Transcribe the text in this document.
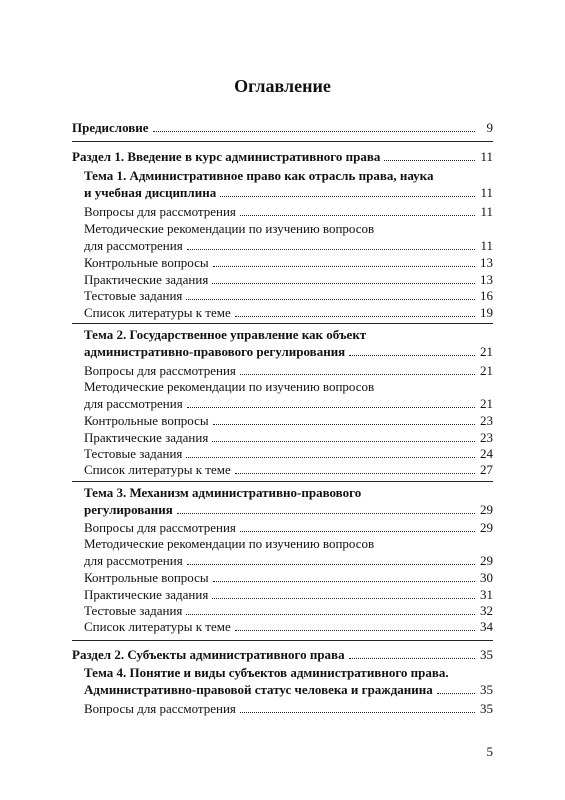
Оглавление
Предисловие	9
Раздел 1. Введение в курс административного права	11
Тема 1. Административное право как отрасль права, наука
и учебная дисциплина	11
Вопросы для рассмотрения	11
Методические рекомендации по изучению вопросов
для рассмотрения	11
Контрольные вопросы	13
Практические задания	13
Тестовые задания	16
Список литературы к теме	19
Тема 2. Государственное управление как объект
административно-правового регулирования	21
Вопросы для рассмотрения	21
Методические рекомендации по изучению вопросов
для рассмотрения	21
Контрольные вопросы	23
Практические задания	23
Тестовые задания	24
Список литературы к теме	27
Тема 3. Механизм административно-правового
регулирования	29
Вопросы для рассмотрения	29
Методические рекомендации по изучению вопросов
для рассмотрения	29
Контрольные вопросы	30
Практические задания	31
Тестовые задания	32
Список литературы к теме	34
Раздел 2. Субъекты административного права	35
Тема 4. Понятие и виды субъектов административного права.
Административно-правовой статус человека и гражданина	35
Вопросы для рассмотрения	35
5
